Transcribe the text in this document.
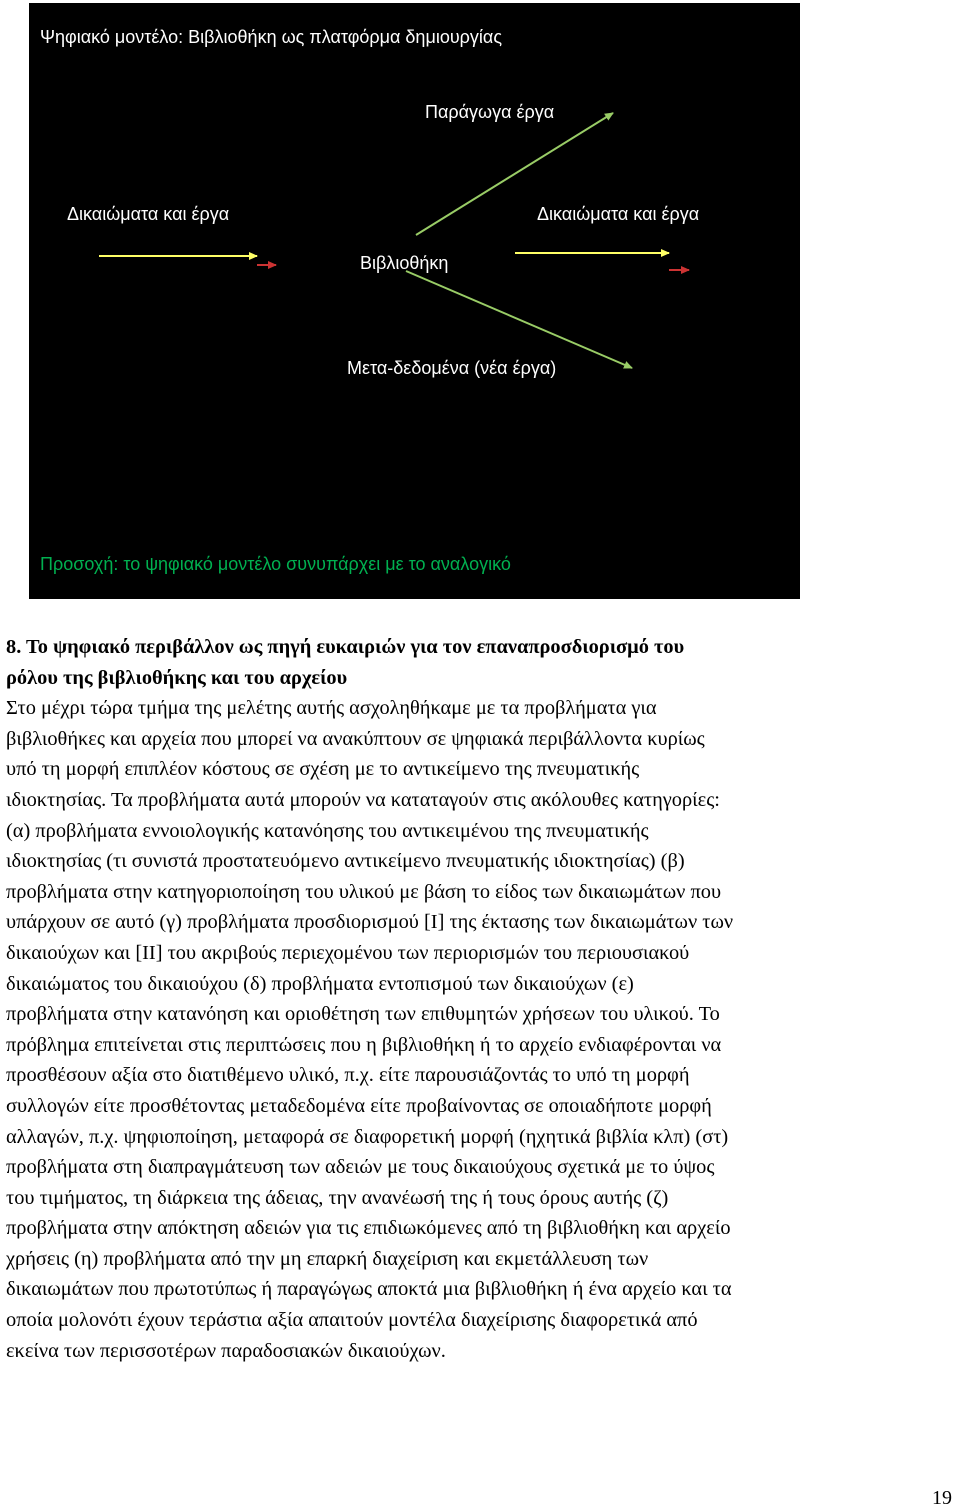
Ψηφιακό μοντέλο: Βιβλιοθήκη ως πλατφόρμα δημιουργίας
Παράγωγα έργα
Δικαιώματα και έργα	Δικαιώματα και έργα
Βιβλιοθήκη
Μετα-δεδομένα (νέα έργα)
Προσοχή: το ψηφιακό μοντέλο συνυπάρχει με το αναλογικό
8. Το ψηφιακό περιβάλλον ως πηγή ευκαιριών για τον επαναπροσδιορισμό του
ρόλου της βιβλιοθήκης και του αρχείου

Στο μέχρι τώρα τμήμα της μελέτης αυτής ασχοληθήκαμε με τα προβλήματα για
βιβλιοθήκες και αρχεία που μπορεί να ανακύπτουν σε ψηφιακά περιβάλλοντα κυρίως
υπό τη μορφή επιπλέον κόστους σε σχέση με το αντικείμενο της πνευματικής
ιδιοκτησίας. Τα προβλήματα αυτά μπορούν να καταταγούν στις ακόλουθες κατηγορίες:
(α) προβλήματα εννοιολογικής κατανόησης του αντικειμένου της πνευματικής
ιδιοκτησίας (τι συνιστά προστατευόμενο αντικείμενο πνευματικής ιδιοκτησίας) (β)
προβλήματα στην κατηγοριοποίηση του υλικού με βάση το είδος των δικαιωμάτων που
υπάρχουν σε αυτό (γ) προβλήματα προσδιορισμού [Ι] της έκτασης των δικαιωμάτων των
δικαιούχων και [ΙΙ] του ακριβούς περιεχομένου των περιορισμών του περιουσιακού
δικαιώματος του δικαιούχου (δ) προβλήματα εντοπισμού των δικαιούχων (ε)
προβλήματα στην κατανόηση και οριοθέτηση των επιθυμητών χρήσεων του υλικού. Το
πρόβλημα επιτείνεται στις περιπτώσεις που η βιβλιοθήκη ή το αρχείο ενδιαφέρονται να
προσθέσουν αξία στο διατιθέμενο υλικό, π.χ. είτε παρουσιάζοντάς το υπό τη μορφή
συλλογών είτε προσθέτοντας μεταδεδομένα είτε προβαίνοντας σε οποιαδήποτε μορφή
αλλαγών, π.χ. ψηφιοποίηση, μεταφορά σε διαφορετική μορφή (ηχητικά βιβλία κλπ) (στ)
προβλήματα στη διαπραγμάτευση των αδειών με τους δικαιούχους σχετικά με το ύψος
του τιμήματος, τη διάρκεια της άδειας, την ανανέωσή της ή τους όρους αυτής (ζ)
προβλήματα στην απόκτηση αδειών για τις επιδιωκόμενες από τη βιβλιοθήκη και αρχείο
χρήσεις (η) προβλήματα από την μη επαρκή διαχείριση και εκμετάλλευση των
δικαιωμάτων που πρωτοτύπως ή παραγώγως αποκτά μια βιβλιοθήκη ή ένα αρχείο και τα
οποία μολονότι έχουν τεράστια αξία απαιτούν μοντέλα διαχείρισης διαφορετικά από
εκείνα των περισσοτέρων παραδοσιακών δικαιούχων.

19
